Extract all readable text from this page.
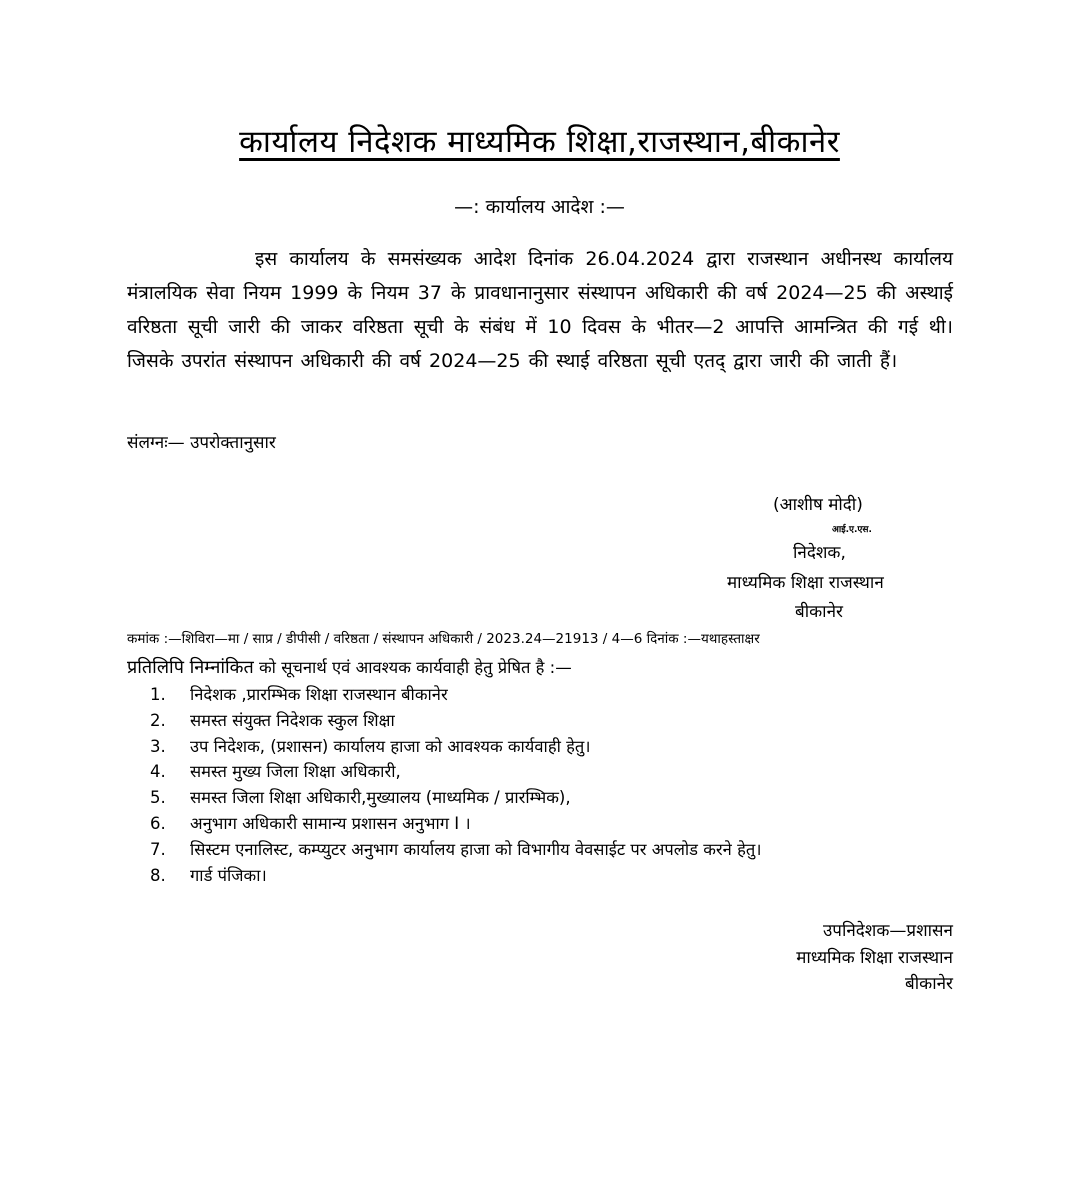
कार्यालय निदेशक माध्यमिक शिक्षा,राजस्थान,बीकानेर
—: कार्यालय आदेश :—
इस कार्यालय के समसंख्यक आदेश दिनांक 26.04.2024 द्वारा राजस्थान अधीनस्थ कार्यालय मंत्रालयिक सेवा नियम 1999 के नियम 37 के प्रावधानानुसार संस्थापन अधिकारी की वर्ष 2024—25 की अस्थाई वरिष्ठता सूची जारी की जाकर वरिष्ठता सूची के संबंध में 10 दिवस के भीतर—2 आपत्ति आमन्त्रित की गई थी। जिसके उपरांत संस्थापन अधिकारी की वर्ष 2024—25 की स्थाई वरिष्ठता सूची एतद् द्वारा जारी की जाती हैं।
संलग्नः— उपरोक्तानुसार
(आशीष मोदी)
आई.ए.एस.
निदेशक,
माध्यमिक शिक्षा राजस्थान
बीकानेर
कमांक :—शिविरा—मा / साप्र / डीपीसी / वरिष्ठता / संस्थापन अधिकारी / 2023.24—21913 / 4—6 दिनांक :—यथाहस्ताक्षर
प्रतिलिपि निम्नांकित को सूचनार्थ एवं आवश्यक कार्यवाही हेतु प्रेषित है :—
1.	निदेशक ,प्रारम्भिक शिक्षा राजस्थान बीकानेर
2.	समस्त संयुक्त निदेशक स्कुल शिक्षा
3.	उप निदेशक, (प्रशासन) कार्यालय हाजा को आवश्यक कार्यवाही हेतु।
4.	समस्त मुख्य जिला शिक्षा अधिकारी,
5.	समस्त जिला शिक्षा अधिकारी,मुख्यालय (माध्यमिक / प्रारम्भिक),
6.	अनुभाग अधिकारी सामान्य प्रशासन अनुभाग I ।
7.	सिस्टम एनालिस्ट, कम्प्युटर अनुभाग कार्यालय हाजा को विभागीय वेवसाईट पर अपलोड करने हेतु।
8.	गार्ड पंजिका।
उपनिदेशक—प्रशासन
माध्यमिक शिक्षा राजस्थान
बीकानेर
